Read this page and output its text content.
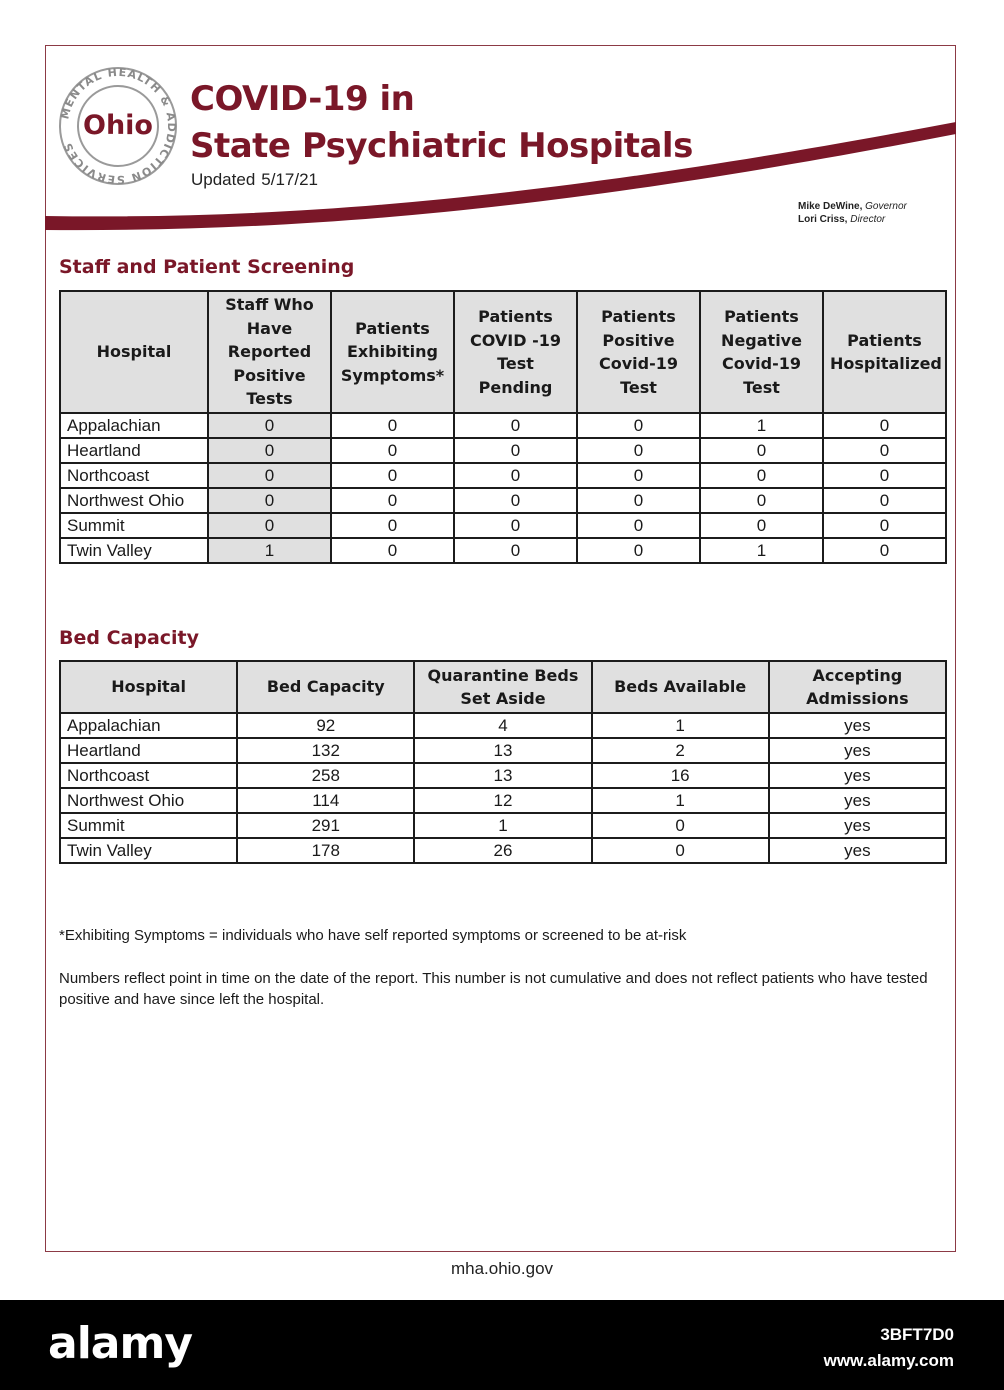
MENTAL HEALTH & ADDICTION SERVICES
Ohio
COVID-19 in
State Psychiatric Hospitals
Updated 5/17/21
Mike DeWine, Governor
Lori Criss, Director
Staff and Patient Screening
Hospital	Staff Who Have Reported Positive Tests	Patients Exhibiting Symptoms*	Patients COVID -19 Test Pending	Patients Positive Covid-19 Test	Patients Negative Covid-19 Test	Patients Hospitalized
Appalachian	0	0	0	0	1	0
Heartland	0	0	0	0	0	0
Northcoast	0	0	0	0	0	0
Northwest Ohio	0	0	0	0	0	0
Summit	0	0	0	0	0	0
Twin Valley	1	0	0	0	1	0
Bed Capacity
Hospital	Bed Capacity	Quarantine Beds Set Aside	Beds Available	Accepting Admissions
Appalachian	92	4	1	yes
Heartland	132	13	2	yes
Northcoast	258	13	16	yes
Northwest Ohio	114	12	1	yes
Summit	291	1	0	yes
Twin Valley	178	26	0	yes
*Exhibiting Symptoms = individuals who have self reported symptoms or screened to be at-risk
Numbers reflect point in time on the date of the report. This number is not cumulative and does not reflect patients who have tested positive and have since left the hospital.
mha.ohio.gov
alamy	3BFT7D0
www.alamy.com
